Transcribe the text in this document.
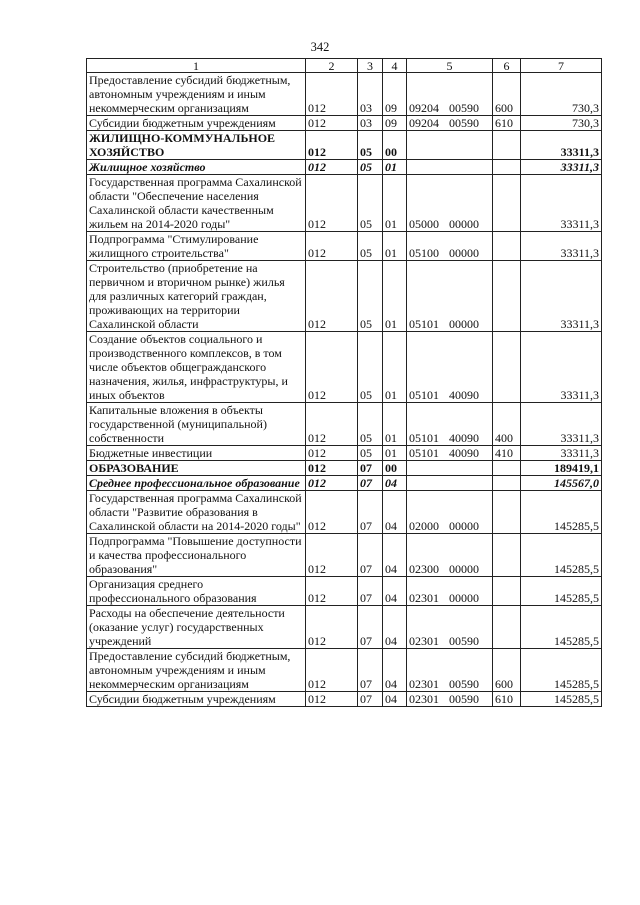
342
1	2	3	4	5	6	7
Предоставление субсидий бюджетным, автономным учреждениям и иным некоммерческим организациям	012	03	09	09204 00590	600	730,3
Субсидии бюджетным учреждениям	012	03	09	09204 00590	610	730,3
ЖИЛИЩНО-КОММУНАЛЬНОЕ ХОЗЯЙСТВО	012	05	00			33311,3
Жилищное хозяйство	012	05	01			33311,3
Государственная программа Сахалинской области "Обеспечение населения Сахалинской области качественным жильем на 2014-2020 годы"	012	05	01	05000 00000		33311,3
Подпрограмма "Стимулирование жилищного строительства"	012	05	01	05100 00000		33311,3
Строительство (приобретение на первичном и вторичном рынке) жилья для различных категорий граждан, проживающих на территории Сахалинской области	012	05	01	05101 00000		33311,3
Создание объектов социального и производственного комплексов, в том числе объектов общегражданского назначения, жилья, инфраструктуры, и иных объектов	012	05	01	05101 40090		33311,3
Капитальные вложения в объекты государственной (муниципальной) собственности	012	05	01	05101 40090	400	33311,3
Бюджетные инвестиции	012	05	01	05101 40090	410	33311,3
ОБРАЗОВАНИЕ	012	07	00			189419,1
Среднее профессиональное образование	012	07	04			145567,0
Государственная программа Сахалинской области "Развитие образования в Сахалинской области на 2014-2020 годы"	012	07	04	02000 00000		145285,5
Подпрограмма "Повышение доступности и качества профессионального образования"	012	07	04	02300 00000		145285,5
Организация среднего профессионального образования	012	07	04	02301 00000		145285,5
Расходы на обеспечение деятельности (оказание услуг) государственных учреждений	012	07	04	02301 00590		145285,5
Предоставление субсидий бюджетным, автономным учреждениям и иным некоммерческим организациям	012	07	04	02301 00590	600	145285,5
Субсидии бюджетным учреждениям	012	07	04	02301 00590	610	145285,5
